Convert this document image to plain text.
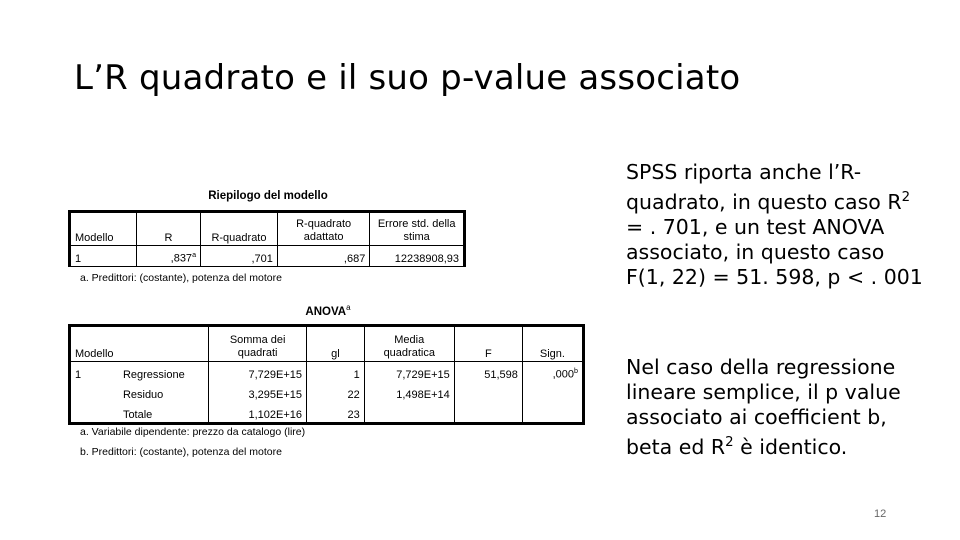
L’R quadrato e il suo p-value associato
Riepilogo del modello
Modello	R	R-quadrato	R-quadrato adattato	Errore std. della stima
1	,837$^a$	,701	,687	12238908,93
a. Predittori: (costante), potenza del motore
ANOVA$^a$
Modello		Somma dei quadrati	gl	Media quadratica	F	Sign.
1	Regressione	7,729E+15	1	7,729E+15	51,598	,000$^b$
	Residuo	3,295E+15	22	1,498E+14		
	Totale	1,102E+16	23			
a. Variabile dipendente: prezzo da catalogo (lire)
b. Predittori: (costante), potenza del motore
SPSS riporta anche l’R-quadrato, in questo caso $R^2$ = . 701, e un test ANOVA associato, in questo caso F(1, 22) = 51. 598, p < . 001
Nel caso della regressione lineare semplice, il p value associato ai coefficient b, beta ed $R^2$ è identico.
12
